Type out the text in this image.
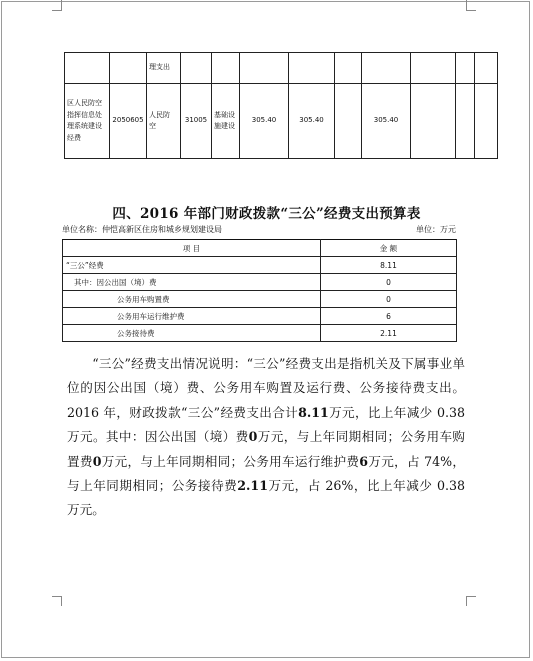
		理支出									
区人民防空指挥信息处理系统建设经费	2050605	人民防空	31005	基础设施建设	305.40	305.40		305.40			
四、2016 年部门财政拨款“三公”经费支出预算表
单位名称：仲恺高新区住房和城乡规划建设局	单位：万元
项 目	金 额
“三公”经费	8.11
其中：因公出国（境）费	0
公务用车购置费	0
公务用车运行维护费	6
公务接待费	2.11

“三公”经费支出情况说明：“三公”经费支出是指机关及下属事业单位的因公出国（境）费、公务用车购置及运行费、公务接待费支出。2016 年，财政拨款“三公”经费支出合计8.11万元，比上年减少 0.38 万元。其中：因公出国（境）费0万元，与上年同期相同；公务用车购置费0万元，与上年同期相同；公务用车运行维护费6万元，占 74%，与上年同期相同；公务接待费2.11万元，占 26%，比上年减少 0.38 万元。
